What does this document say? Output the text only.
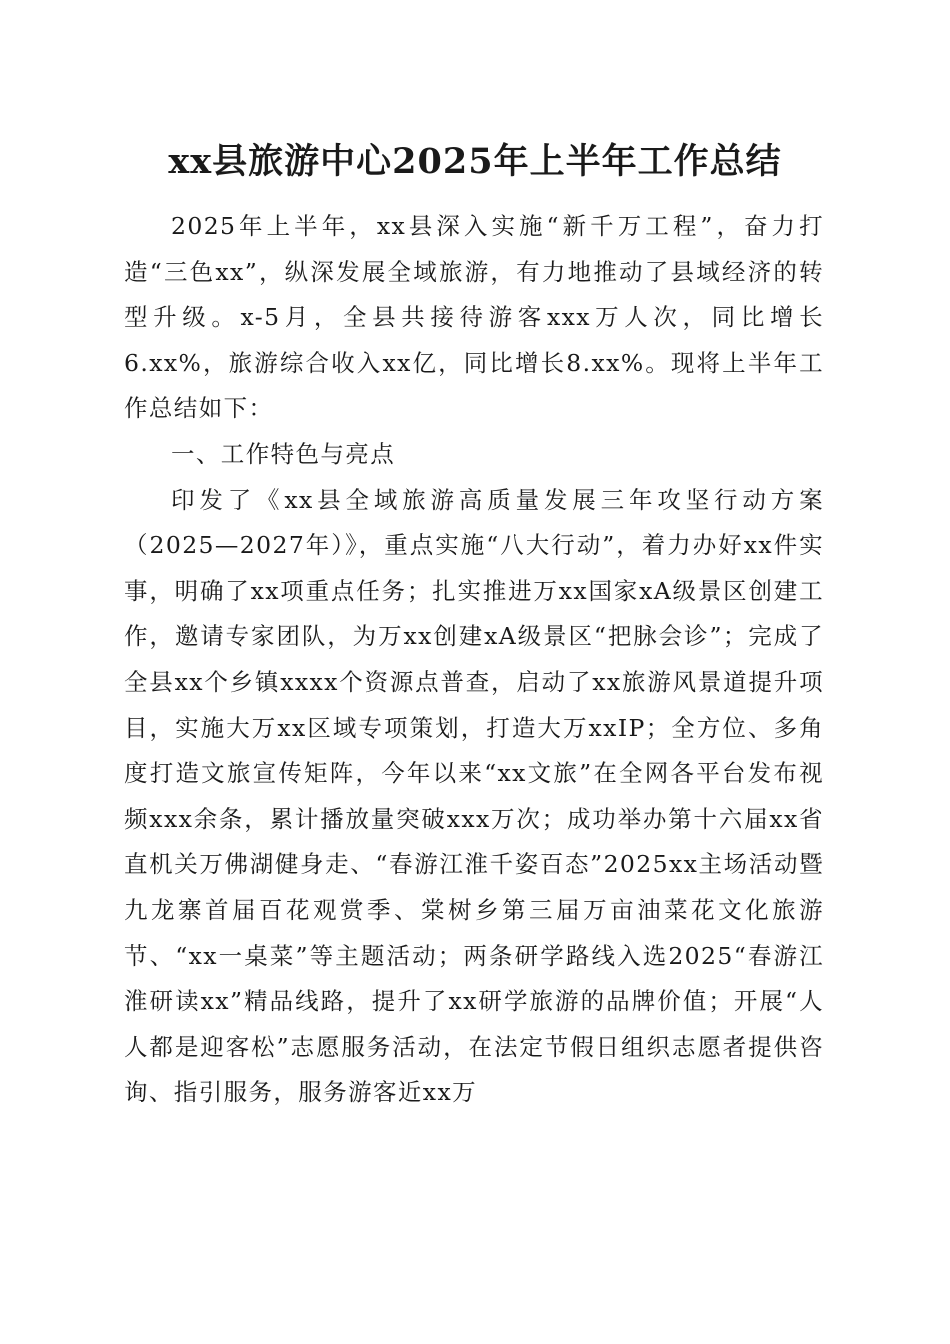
xx县旅游中心2025年上半年工作总结

2025年上半年，xx县深入实施“新千万工程”，奋力打造“三色xx”，纵深发展全域旅游，有力地推动了县域经济的转型升级。x-5月，全县共接待游客xxx万人次，同比增长6.xx%，旅游综合收入xx亿，同比增长8.xx%。现将上半年工作总结如下：

一、工作特色与亮点

印发了《xx县全域旅游高质量发展三年攻坚行动方案（2025—2027年）》，重点实施“八大行动”，着力办好xx件实事，明确了xx项重点任务；扎实推进万xx国家xA级景区创建工作，邀请专家团队，为万xx创建xA级景区“把脉会诊”；完成了全县xx个乡镇xxxx个资源点普查，启动了xx旅游风景道提升项目，实施大万xx区域专项策划，打造大万xxIP；全方位、多角度打造文旅宣传矩阵，今年以来“xx文旅”在全网各平台发布视频xxx余条，累计播放量突破xxx万次；成功举办第十六届xx省直机关万佛湖健身走、“春游江淮千姿百态”2025xx主场活动暨九龙寨首届百花观赏季、棠树乡第三届万亩油菜花文化旅游节、“xx一桌菜”等主题活动；两条研学路线入选2025“春游江淮研读xx”精品线路，提升了xx研学旅游的品牌价值；开展“人人都是迎客松”志愿服务活动，在法定节假日组织志愿者提供咨询、指引服务，服务游客近xx万
